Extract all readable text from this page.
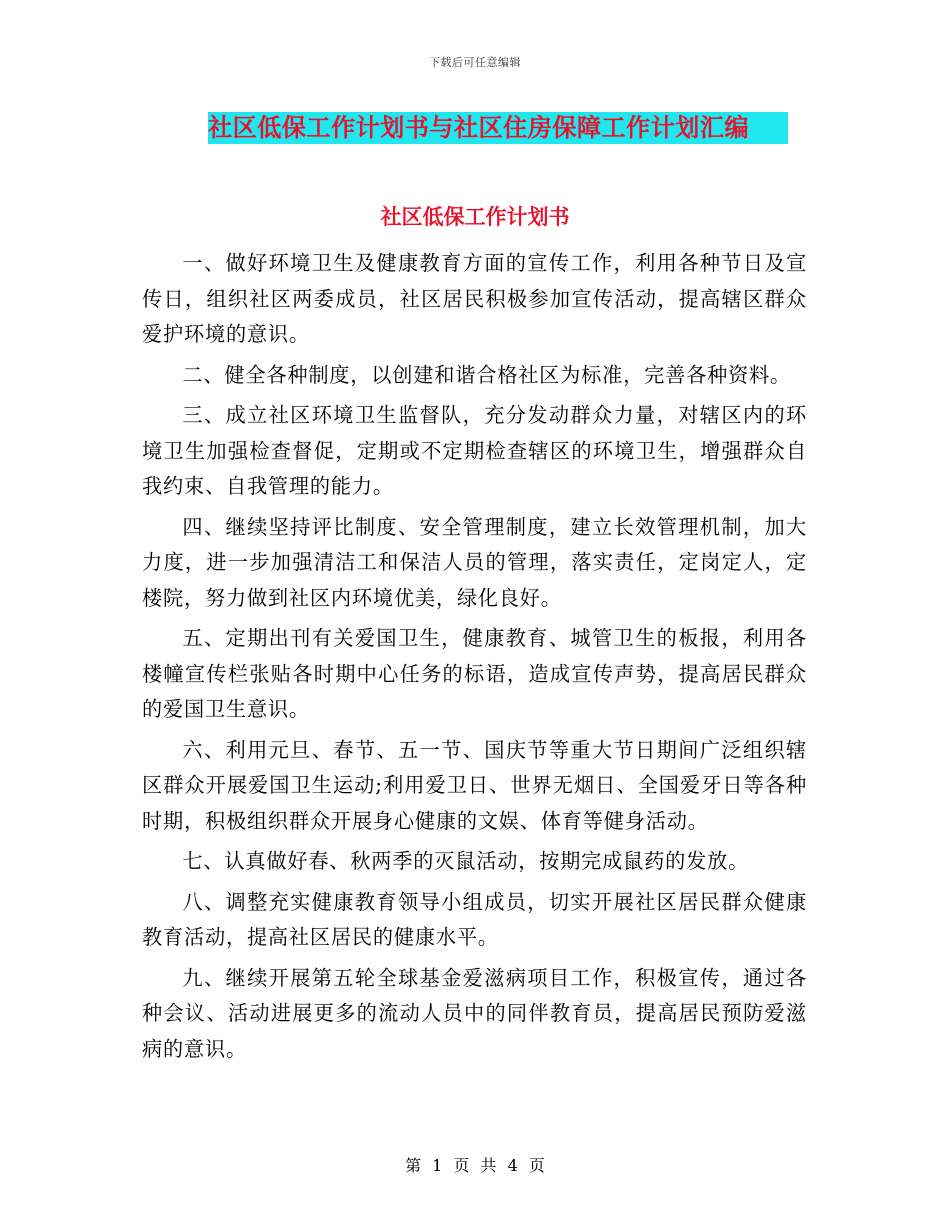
下载后可任意编辑
社区低保工作计划书与社区住房保障工作计划汇编
社区低保工作计划书

一、做好环境卫生及健康教育方面的宣传工作，利用各种节日及宣传日，组织社区两委成员，社区居民积极参加宣传活动，提高辖区群众爱护环境的意识。

二、健全各种制度，以创建和谐合格社区为标准，完善各种资料。

三、成立社区环境卫生监督队，充分发动群众力量，对辖区内的环境卫生加强检查督促，定期或不定期检查辖区的环境卫生，增强群众自我约束、自我管理的能力。

四、继续坚持评比制度、安全管理制度，建立长效管理机制，加大力度，进一步加强清洁工和保洁人员的管理，落实责任，定岗定人，定楼院，努力做到社区内环境优美，绿化良好。

五、定期出刊有关爱国卫生，健康教育、城管卫生的板报，利用各楼幢宣传栏张贴各时期中心任务的标语，造成宣传声势，提高居民群众的爱国卫生意识。

六、利用元旦、春节、五一节、国庆节等重大节日期间广泛组织辖区群众开展爱国卫生运动;利用爱卫日、世界无烟日、全国爱牙日等各种时期，积极组织群众开展身心健康的文娱、体育等健身活动。

七、认真做好春、秋两季的灭鼠活动，按期完成鼠药的发放。

八、调整充实健康教育领导小组成员，切实开展社区居民群众健康教育活动，提高社区居民的健康水平。

九、继续开展第五轮全球基金爱滋病项目工作，积极宣传，通过各种会议、活动进展更多的流动人员中的同伴教育员，提高居民预防爱滋病的意识。

第 1 页 共 4 页
